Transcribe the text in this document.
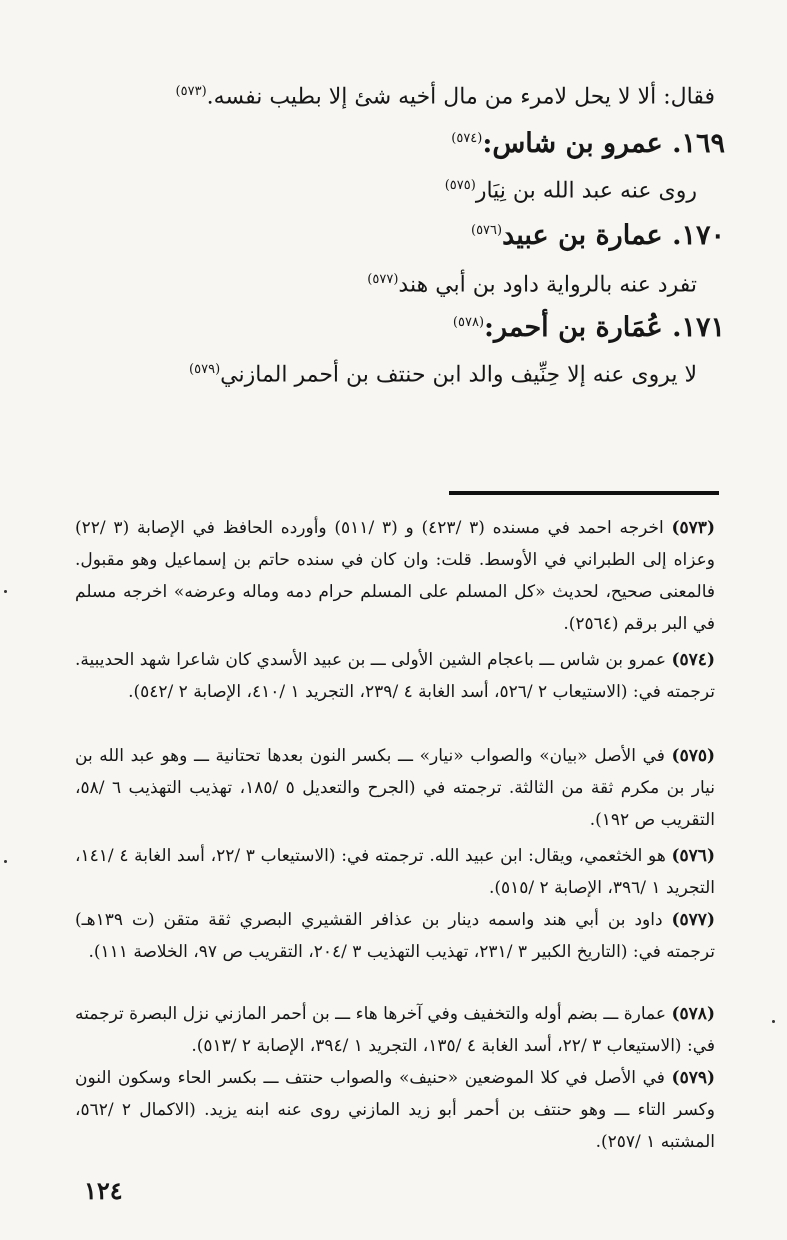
فقال: ألا لا يحل لامرء من مال أخيه شئ إلا بطيب نفسه.$^{(٥٧٣)}$
١٦٩. عمرو بن شاس:$^{(٥٧٤)}$
روى عنه عبد الله بن نِيَار$^{(٥٧٥)}$
١٧٠. عمارة بن عبيد$^{(٥٧٦)}$
تفرد عنه بالرواية داود بن أبي هند$^{(٥٧٧)}$
١٧١. عُمَارة بن أحمر:$^{(٥٧٨)}$
لا يروى عنه إلا حِنِّيف والد ابن حنتف بن أحمر المازني$^{(٥٧٩)}$
(٥٧٣) اخرجه احمد في مسنده (٣ /٤٢٣) و (٣ /٥١١) وأورده الحافظ في الإصابة (٣ /٢٢) وعزاه إلى الطبراني في الأوسط. قلت: وان كان في سنده حاتم بن إسماعيل وهو مقبول. فالمعنى صحيح، لحديث «كل المسلم على المسلم حرام دمه وماله وعرضه» اخرجه مسلم في البر برقم (٢٥٦٤).
(٥٧٤) عمرو بن شاس ـــ باعجام الشين الأولى ـــ بن عبيد الأسدي كان شاعرا شهد الحديبية. ترجمته في: (الاستيعاب ٢ /٥٢٦، أسد الغابة ٤ /٢٣٩، التجريد ١ /٤١٠، الإصابة ٢ /٥٤٢).
(٥٧٥) في الأصل «بيان» والصواب «نيار» ـــ بكسر النون بعدها تحتانية ـــ وهو عبد الله بن نيار بن مكرم ثقة من الثالثة. ترجمته في (الجرح والتعديل ٥ /١٨٥، تهذيب التهذيب ٦ /٥٨، التقريب ص ١٩٢).
(٥٧٦) هو الخثعمي، ويقال: ابن عبيد الله. ترجمته في: (الاستيعاب ٣ /٢٢، أسد الغابة ٤ /١٤١، التجريد ١ /٣٩٦، الإصابة ٢ /٥١٥).
(٥٧٧) داود بن أبي هند واسمه دينار بن عذافر القشيري البصري ثقة متقن (ت ١٣٩هـ) ترجمته في: (التاريخ الكبير ٣ /٢٣١، تهذيب التهذيب ٣ /٢٠٤، التقريب ص ٩٧، الخلاصة ١١١).
(٥٧٨) عمارة ـــ بضم أوله والتخفيف وفي آخرها هاء ـــ بن أحمر المازني نزل البصرة ترجمته في: (الاستيعاب ٣ /٢٢، أسد الغابة ٤ /١٣٥، التجريد ١ /٣٩٤، الإصابة ٢ /٥١٣).
(٥٧٩) في الأصل في كلا الموضعين «حنيف» والصواب حنتف ـــ بكسر الحاء وسكون النون وكسر التاء ـــ وهو حنتف بن أحمر أبو زيد المازني روى عنه ابنه يزيد. (الاكمال ٢ /٥٦٢، المشتبه ١ /٢٥٧).
١٢٤
